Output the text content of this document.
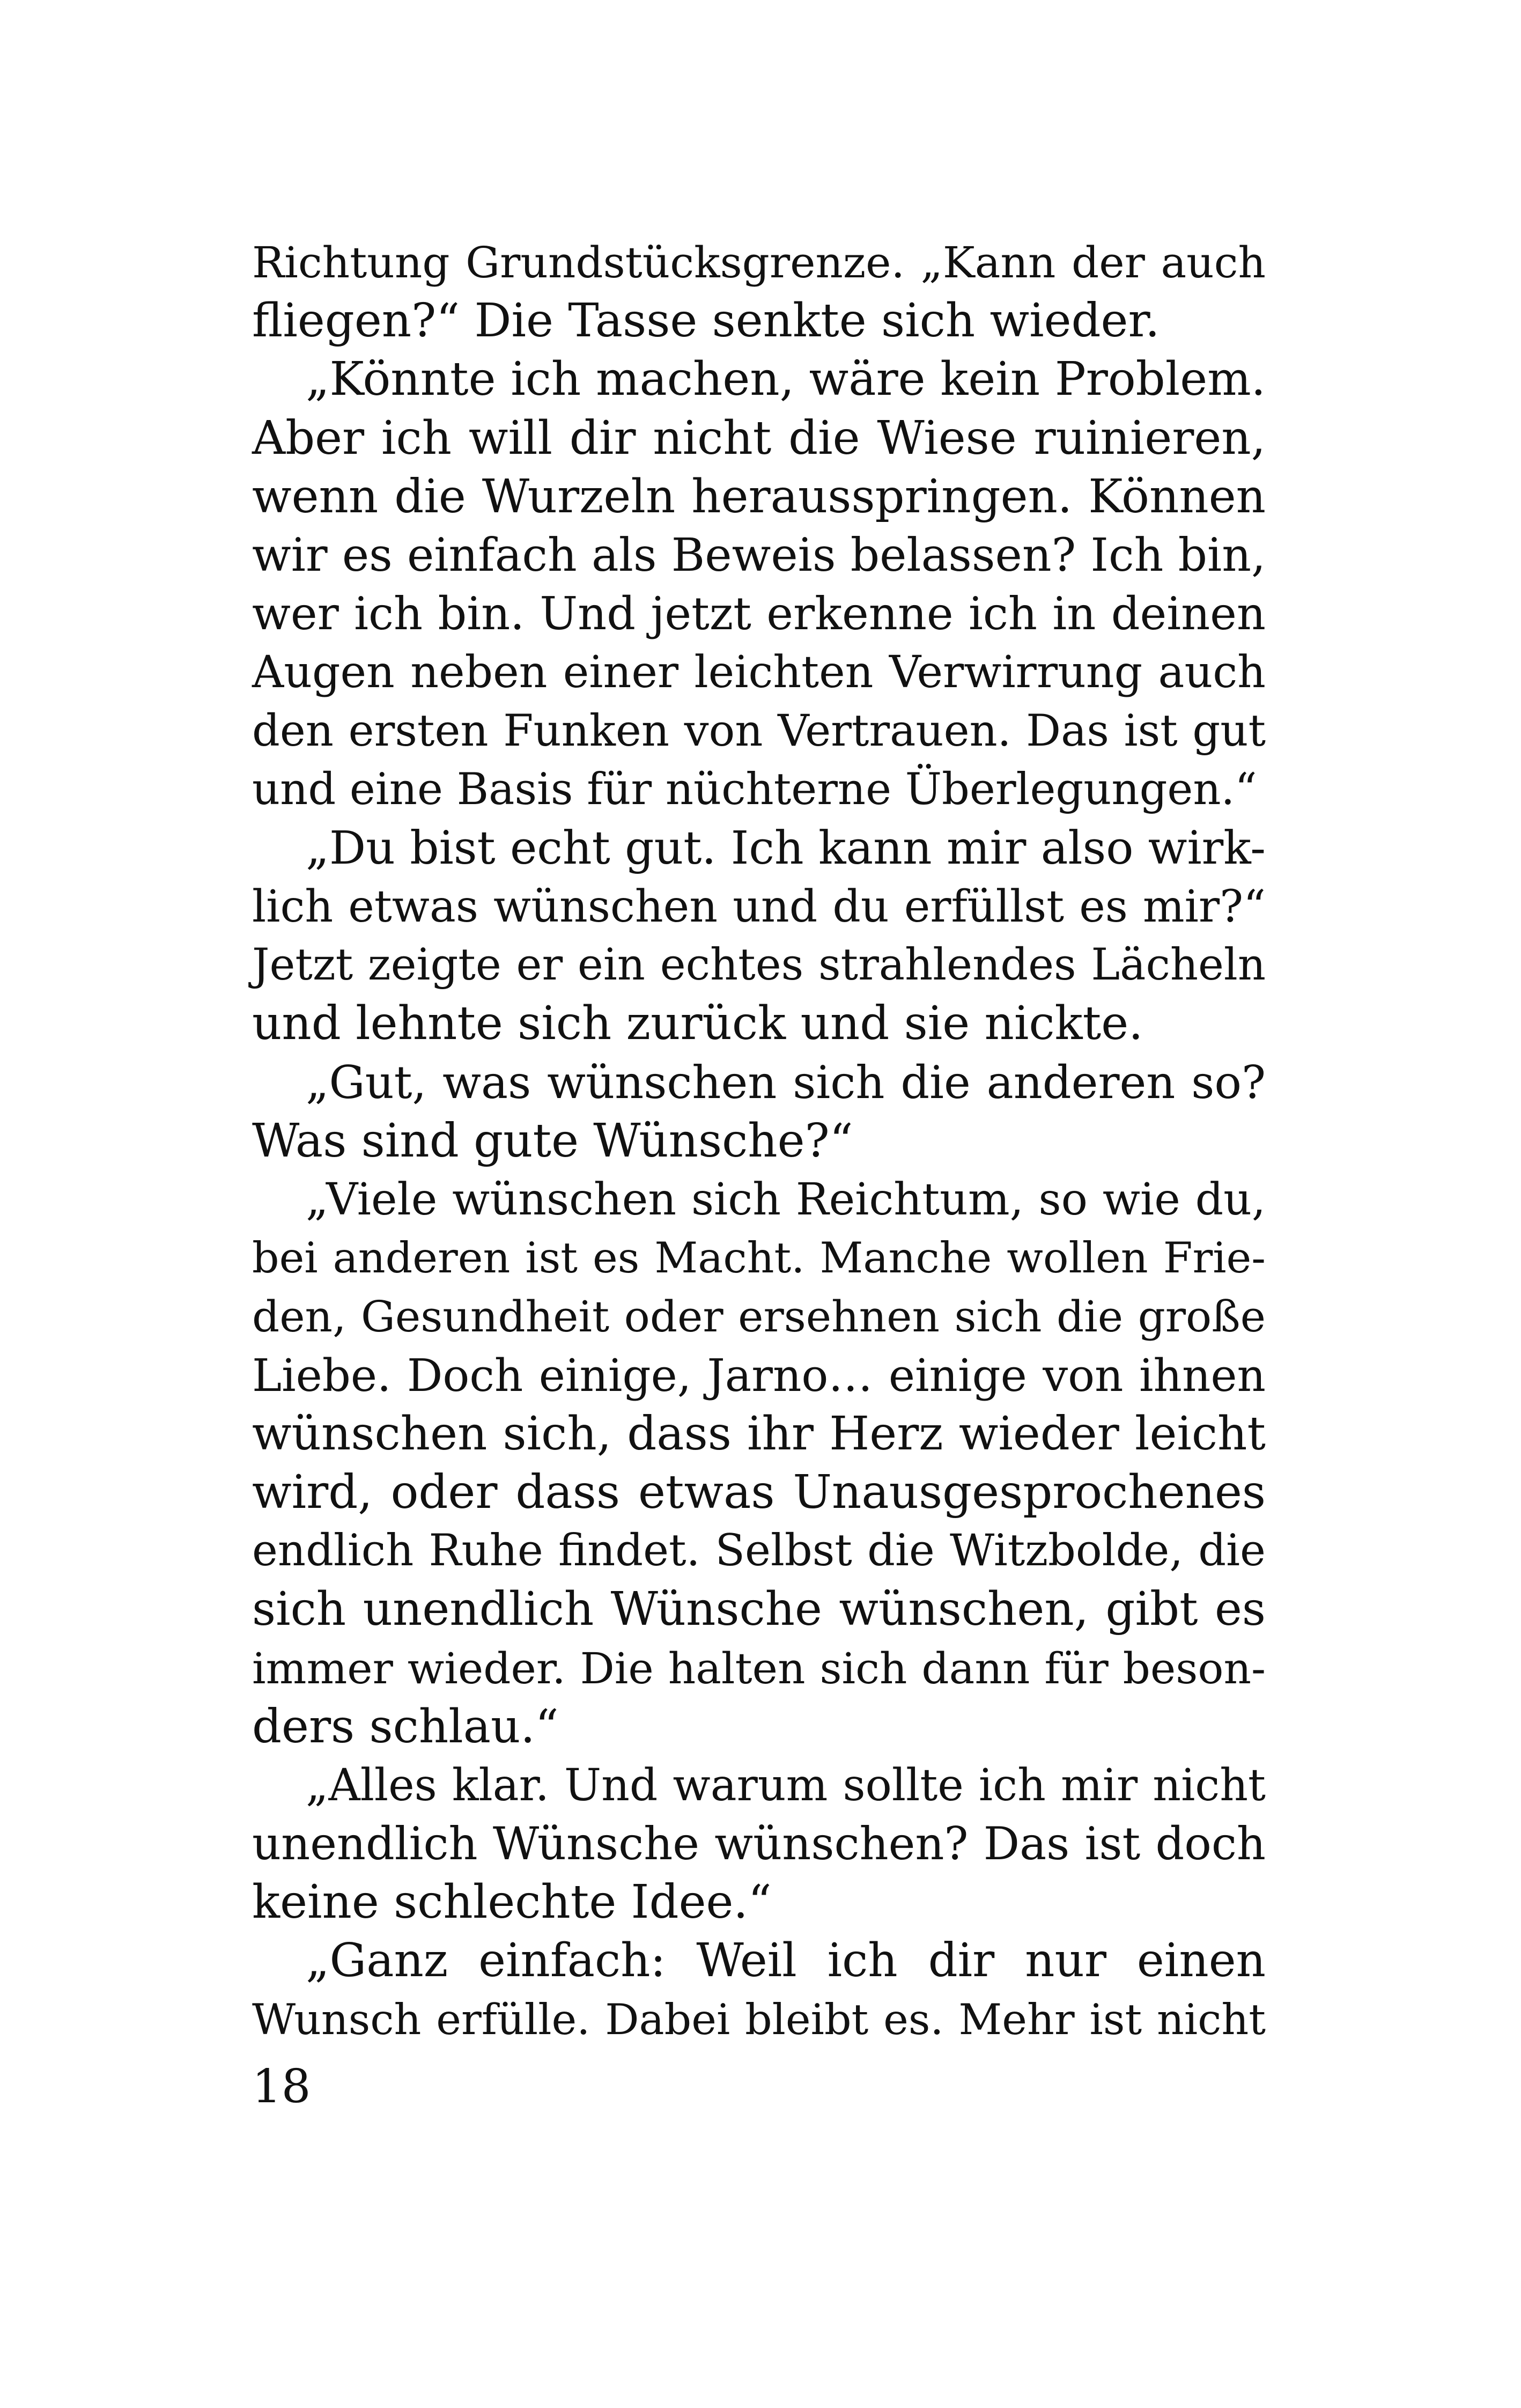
Richtung Grundstücksgrenze. „Kann der auch
fliegen?“ Die Tasse senkte sich wieder.
„Könnte ich machen, wäre kein Problem.
Aber ich will dir nicht die Wiese ruinieren,
wenn die Wurzeln herausspringen. Können
wir es einfach als Beweis belassen? Ich bin,
wer ich bin. Und jetzt erkenne ich in deinen
Augen neben einer leichten Verwirrung auch
den ersten Funken von Vertrauen. Das ist gut
und eine Basis für nüchterne Überlegungen.“
„Du bist echt gut. Ich kann mir also wirk-
lich etwas wünschen und du erfüllst es mir?“
Jetzt zeigte er ein echtes strahlendes Lächeln
und lehnte sich zurück und sie nickte.
„Gut, was wünschen sich die anderen so?
Was sind gute Wünsche?“
„Viele wünschen sich Reichtum, so wie du,
bei anderen ist es Macht. Manche wollen Frie-
den, Gesundheit oder ersehnen sich die große
Liebe. Doch einige, Jarno… einige von ihnen
wünschen sich, dass ihr Herz wieder leicht
wird, oder dass etwas Unausgesprochenes
endlich Ruhe findet. Selbst die Witzbolde, die
sich unendlich Wünsche wünschen, gibt es
immer wieder. Die halten sich dann für beson-
ders schlau.“
„Alles klar. Und warum sollte ich mir nicht
unendlich Wünsche wünschen? Das ist doch
keine schlechte Idee.“
„Ganz einfach: Weil ich dir nur einen
Wunsch erfülle. Dabei bleibt es. Mehr ist nicht
18
